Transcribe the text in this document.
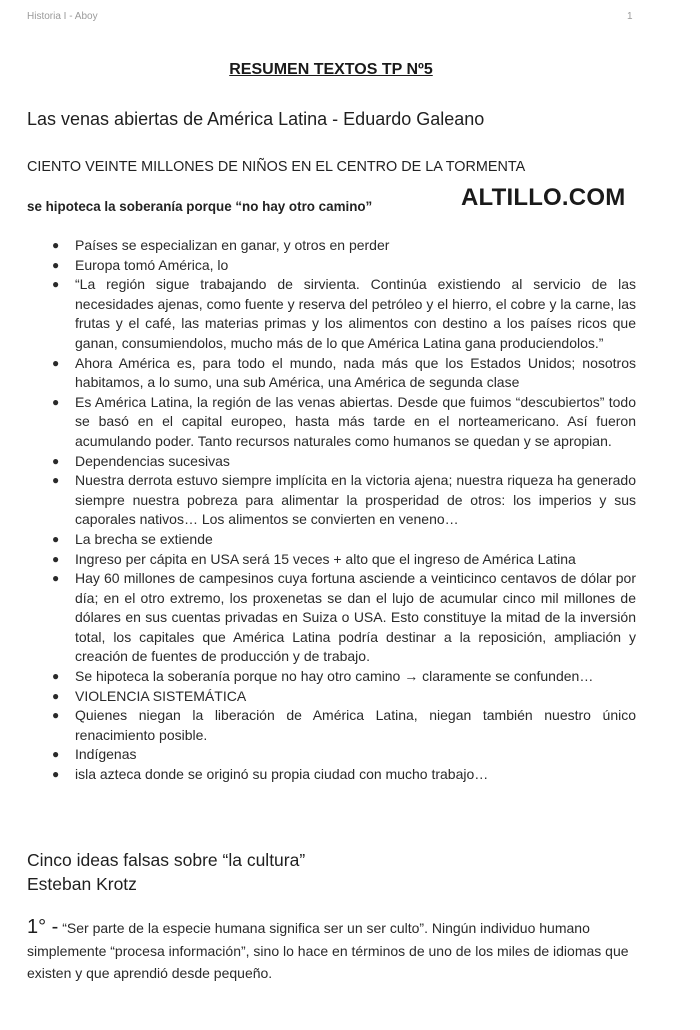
Historia I - Aboy	1
RESUMEN TEXTOS TP Nº5
Las venas abiertas de América Latina - Eduardo Galeano
CIENTO VEINTE MILLONES DE NIÑOS EN EL CENTRO DE LA TORMENTA
se hipoteca la soberanía porque “no hay otro camino”	ALTILLO.COM
● Países se especializan en ganar, y otros en perder
● Europa tomó América, lo
● “La región sigue trabajando de sirvienta. Continúa existiendo al servicio de las necesidades ajenas, como fuente y reserva del petróleo y el hierro, el cobre y la carne, las frutas y el café, las materias primas y los alimentos con destino a los países ricos que ganan, consumiendolos, mucho más de lo que América Latina gana produciendolos.”
● Ahora América es, para todo el mundo, nada más que los Estados Unidos; nosotros habitamos, a lo sumo, una sub América, una América de segunda clase
● Es América Latina, la región de las venas abiertas. Desde que fuimos “descubiertos” todo se basó en el capital europeo, hasta más tarde en el norteamericano. Así fueron acumulando poder. Tanto recursos naturales como humanos se quedan y se apropian.
● Dependencias sucesivas
● Nuestra derrota estuvo siempre implícita en la victoria ajena; nuestra riqueza ha generado siempre nuestra pobreza para alimentar la prosperidad de otros: los imperios y sus caporales nativos… Los alimentos se convierten en veneno…
● La brecha se extiende
● Ingreso per cápita en USA será 15 veces + alto que el ingreso de América Latina
● Hay 60 millones de campesinos cuya fortuna asciende a veinticinco centavos de dólar por día; en el otro extremo, los proxenetas se dan el lujo de acumular cinco mil millones de dólares en sus cuentas privadas en Suiza o USA. Esto constituye la mitad de la inversión total, los capitales que América Latina podría destinar a la reposición, ampliación y creación de fuentes de producción y de trabajo.
● Se hipoteca la soberanía porque no hay otro camino → claramente se confunden…
● VIOLENCIA SISTEMÁTICA
● Quienes niegan la liberación de América Latina, niegan también nuestro único renacimiento posible.
● Indígenas
● isla azteca donde se originó su propia ciudad con mucho trabajo…
Cinco ideas falsas sobre “la cultura”
Esteban Krotz
1° - “Ser parte de la especie humana significa ser un ser culto”. Ningún individuo humano simplemente “procesa información”, sino lo hace en términos de uno de los miles de idiomas que existen y que aprendió desde pequeño.
